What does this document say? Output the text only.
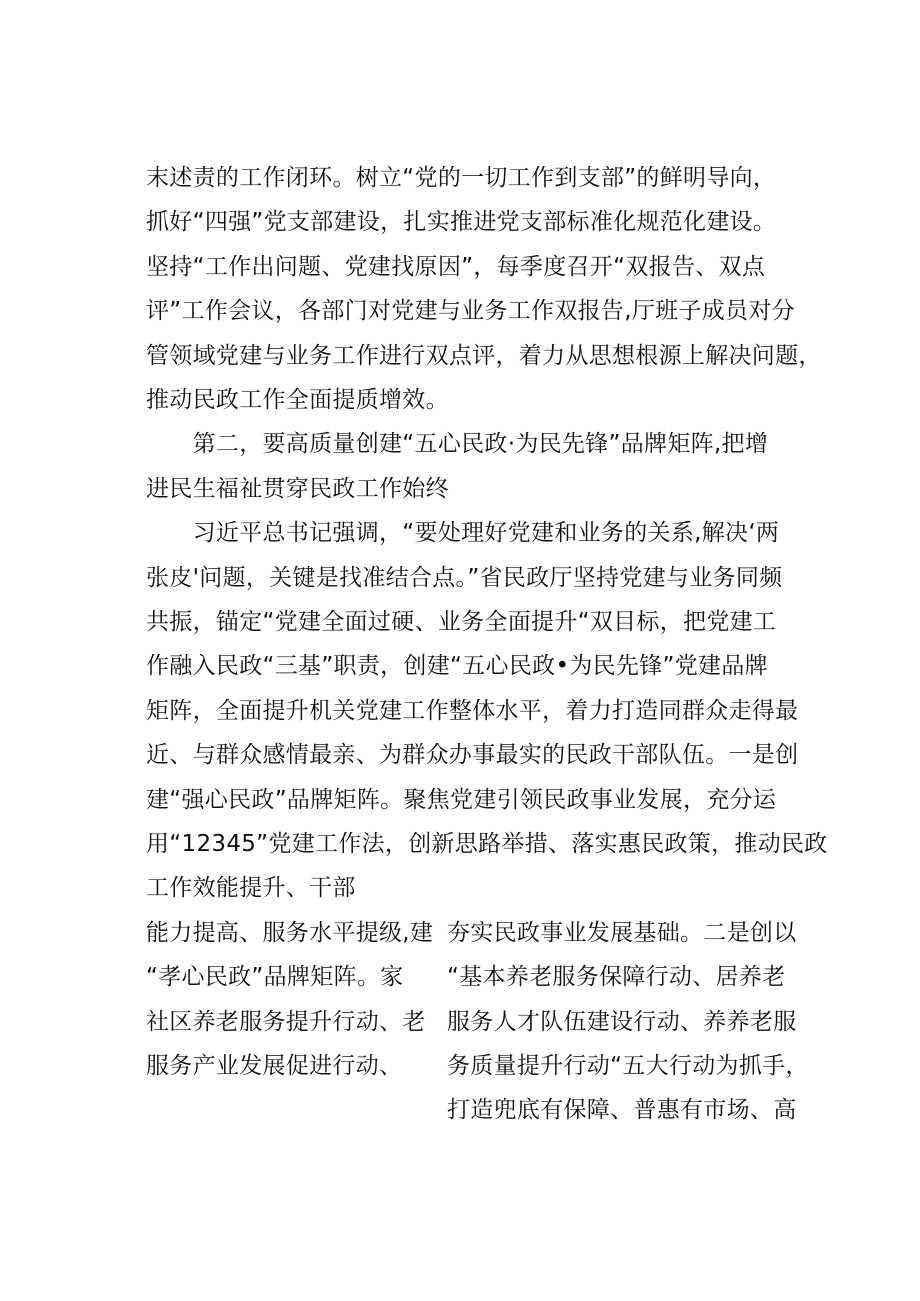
末述责的工作闭环。树立“党的一切工作到支部”的鲜明导向，
抓好“四强”党支部建设，扎实推进党支部标准化规范化建设。
坚持“工作出问题、党建找原因”，每季度召开“双报告、双点
评”工作会议，各部门对党建与业务工作双报告,厅班子成员对分
管领域党建与业务工作进行双点评，着力从思想根源上解决问题，
推动民政工作全面提质增效。
　　第二，要高质量创建“五心民政·为民先锋”品牌矩阵,把增
进民生福祉贯穿民政工作始终
　　习近平总书记强调，“要处理好党建和业务的关系,解决‘两
张皮'问题，关键是找准结合点。”省民政厅坚持党建与业务同频
共振，锚定“党建全面过硬、业务全面提升“双目标，把党建工
作融入民政“三基”职责，创建“五心民政•为民先锋”党建品牌
矩阵，全面提升机关党建工作整体水平，着力打造同群众走得最
近、与群众感情最亲、为群众办事最实的民政干部队伍。一是创
建“强心民政”品牌矩阵。聚焦党建引领民政事业发展，充分运
用“12345”党建工作法，创新思路举措、落实惠民政策，推动民政
工作效能提升、干部
能力提高、服务水平提级,建
“孝心民政”品牌矩阵。家
社区养老服务提升行动、老
服务产业发展促进行动、
夯实民政事业发展基础。二是创以
“基本养老服务保障行动、居养老
服务人才队伍建设行动、养养老服
务质量提升行动“五大行动为抓手，
打造兜底有保障、普惠有市场、高
